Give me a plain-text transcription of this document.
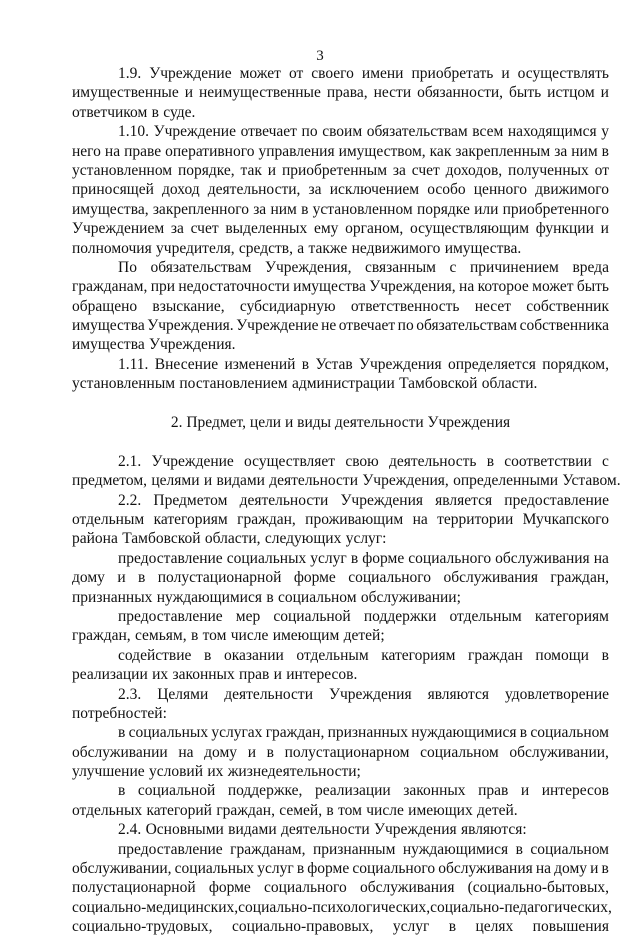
3
1.9. Учреждение может от своего имени приобретать и осуществлять
имущественные и неимущественные права, нести обязанности, быть истцом и
ответчиком в суде.
1.10. Учреждение отвечает по своим обязательствам всем находящимся у
него на праве оперативного управления имуществом, как закрепленным за ним в
установленном порядке, так и приобретенным за счет доходов, полученных от
приносящей доход деятельности, за исключением особо ценного движимого
имущества, закрепленного за ним в установленном порядке или приобретенного
Учреждением за счет выделенных ему органом, осуществляющим функции и
полномочия учредителя, средств, а также недвижимого имущества.
По обязательствам Учреждения, связанным с причинением вреда
гражданам, при недостаточности имущества Учреждения, на которое может быть
обращено взыскание, субсидиарную ответственность несет собственник
имущества Учреждения. Учреждение не отвечает по обязательствам собственника
имущества Учреждения.
1.11. Внесение изменений в Устав Учреждения определяется порядком,
установленным постановлением администрации Тамбовской области.
2. Предмет, цели и виды деятельности Учреждения
2.1. Учреждение осуществляет свою деятельность в соответствии с
предметом, целями и видами деятельности Учреждения, определенными Уставом.
2.2. Предметом деятельности Учреждения является предоставление
отдельным категориям граждан, проживающим на территории Мучкапского
района Тамбовской области, следующих услуг:
предоставление социальных услуг в форме социального обслуживания на
дому и в полустационарной форме социального обслуживания граждан,
признанных нуждающимися в социальном обслуживании;
предоставление мер социальной поддержки отдельным категориям
граждан, семьям, в том числе имеющим детей;
содействие в оказании отдельным категориям граждан помощи в
реализации их законных прав и интересов.
2.3. Целями деятельности Учреждения являются удовлетворение
потребностей:
в социальных услугах граждан, признанных нуждающимися в социальном
обслуживании на дому и в полустационарном социальном обслуживании,
улучшение условий их жизнедеятельности;
в социальной поддержке, реализации законных прав и интересов
отдельных категорий граждан, семей, в том числе имеющих детей.
2.4. Основными видами деятельности Учреждения являются:
предоставление гражданам, признанным нуждающимися в социальном
обслуживании, социальных услуг в форме социального обслуживания на дому и в
полустационарной форме социального обслуживания (социально-бытовых,
социально-медицинских, социально-психологических, социально-педагогических,
социально-трудовых, социально-правовых, услуг в целях повышения
